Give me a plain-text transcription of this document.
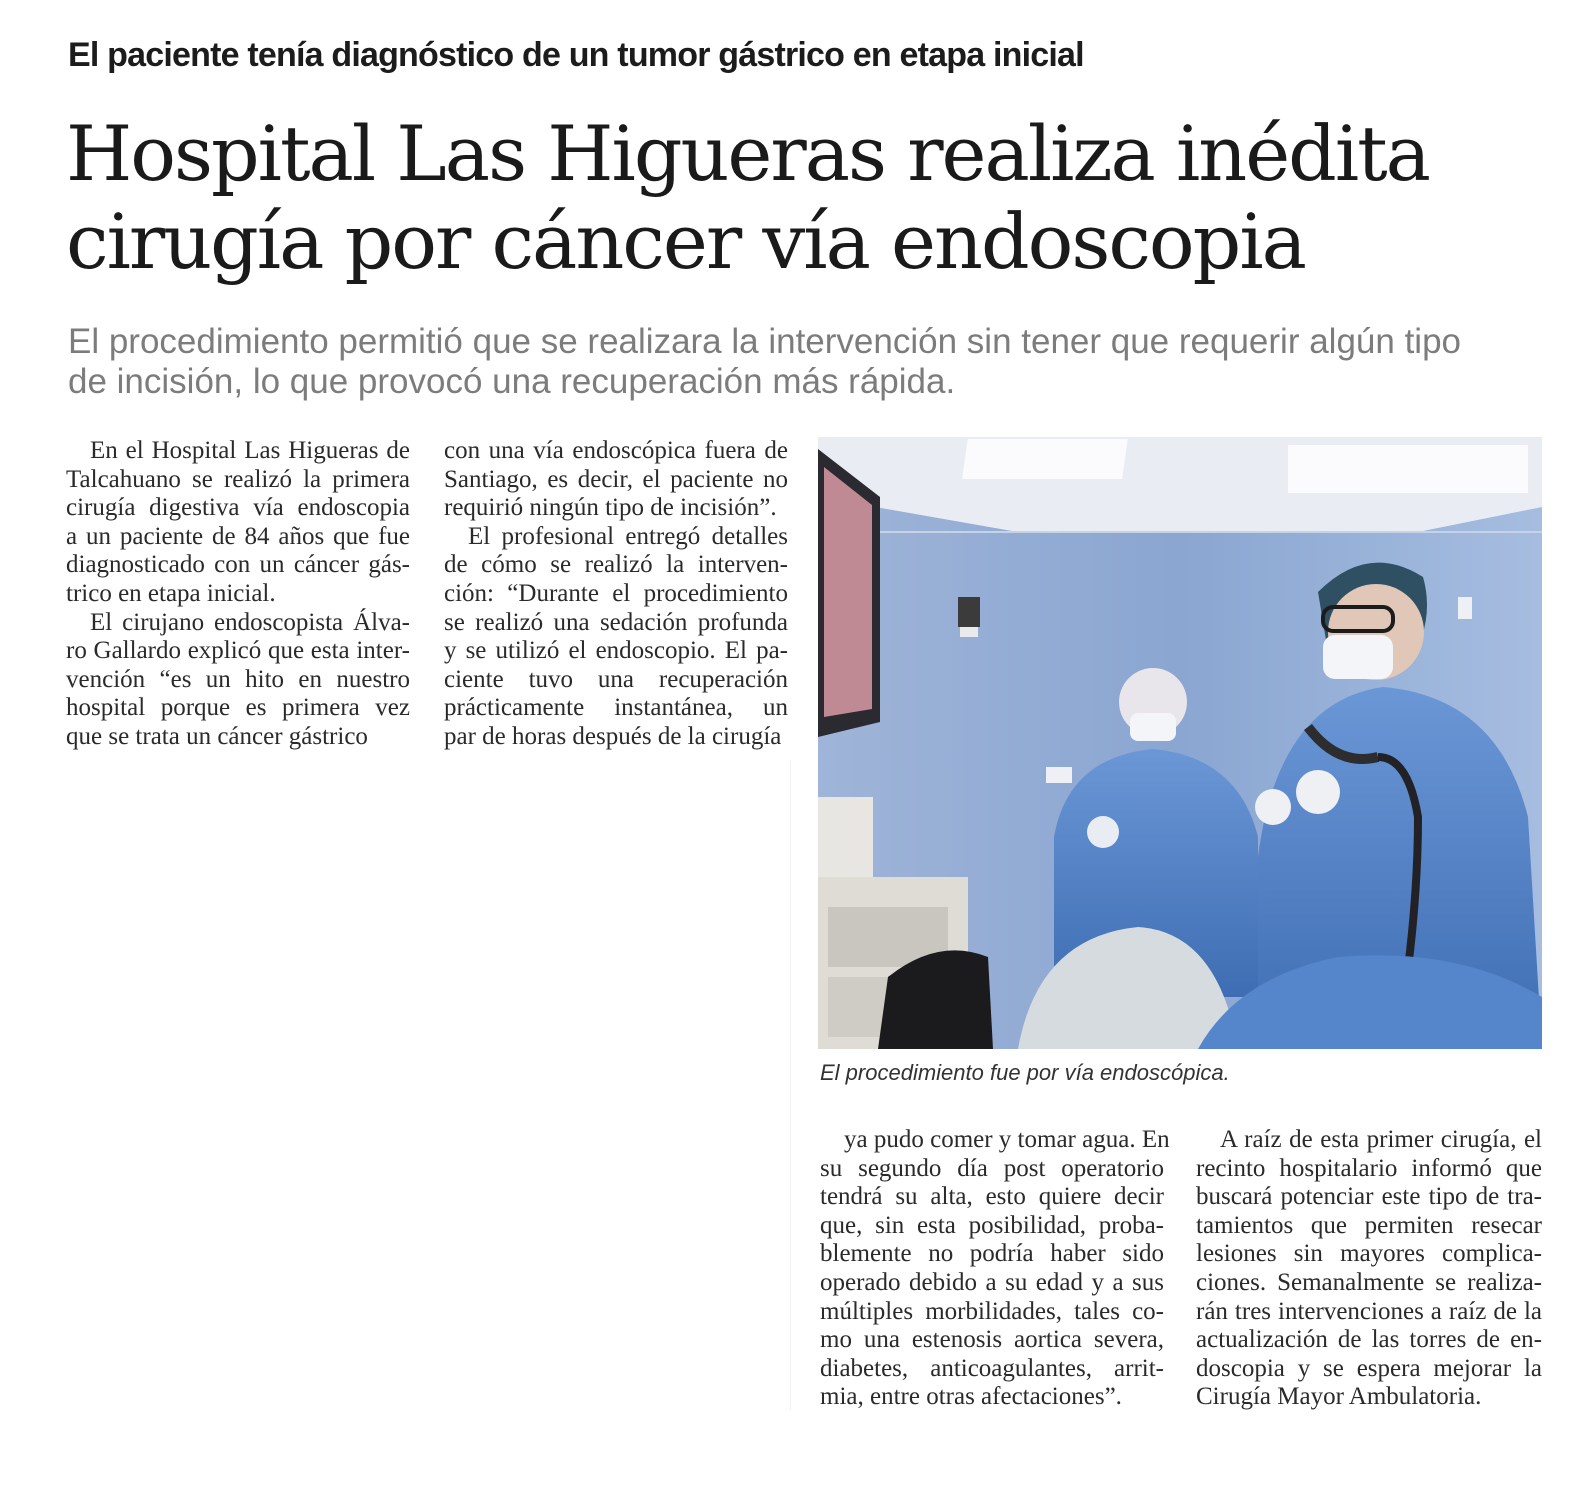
El paciente tenía diagnóstico de un tumor gástrico en etapa inicial
Hospital Las Higueras realiza inédita
cirugía por cáncer vía endoscopia
El procedimiento permitió que se realizara la intervención sin tener que requerir algún tipo
de incisión, lo que provocó una recuperación más rápida.
En el Hospital Las Higueras de
Talcahuano se realizó la primera
cirugía digestiva vía endoscopia
a un paciente de 84 años que fue
diagnosticado con un cáncer gás-
trico en etapa inicial.
El cirujano endoscopista Álva-
ro Gallardo explicó que esta inter-
vención “es un hito en nuestro
hospital porque es primera vez
que se trata un cáncer gástrico
con una vía endoscópica fuera de
Santiago, es decir, el paciente no
requirió ningún tipo de incisión”.
El profesional entregó detalles
de cómo se realizó la interven-
ción: “Durante el procedimiento
se realizó una sedación profunda
y se utilizó el endoscopio. El pa-
ciente tuvo una recuperación
prácticamente instantánea, un
par de horas después de la cirugía
ya pudo comer y tomar agua. En
su segundo día post operatorio
tendrá su alta, esto quiere decir
que, sin esta posibilidad, proba-
blemente no podría haber sido
operado debido a su edad y a sus
múltiples morbilidades, tales co-
mo una estenosis aortica severa,
diabetes, anticoagulantes, arrit-
mia, entre otras afectaciones”.
A raíz de esta primer cirugía, el
recinto hospitalario informó que
buscará potenciar este tipo de tra-
tamientos que permiten resecar
lesiones sin mayores complica-
ciones. Semanalmente se realiza-
rán tres intervenciones a raíz de la
actualización de las torres de en-
doscopia y se espera mejorar la
Cirugía Mayor Ambulatoria.
El procedimiento fue por vía endoscópica.
